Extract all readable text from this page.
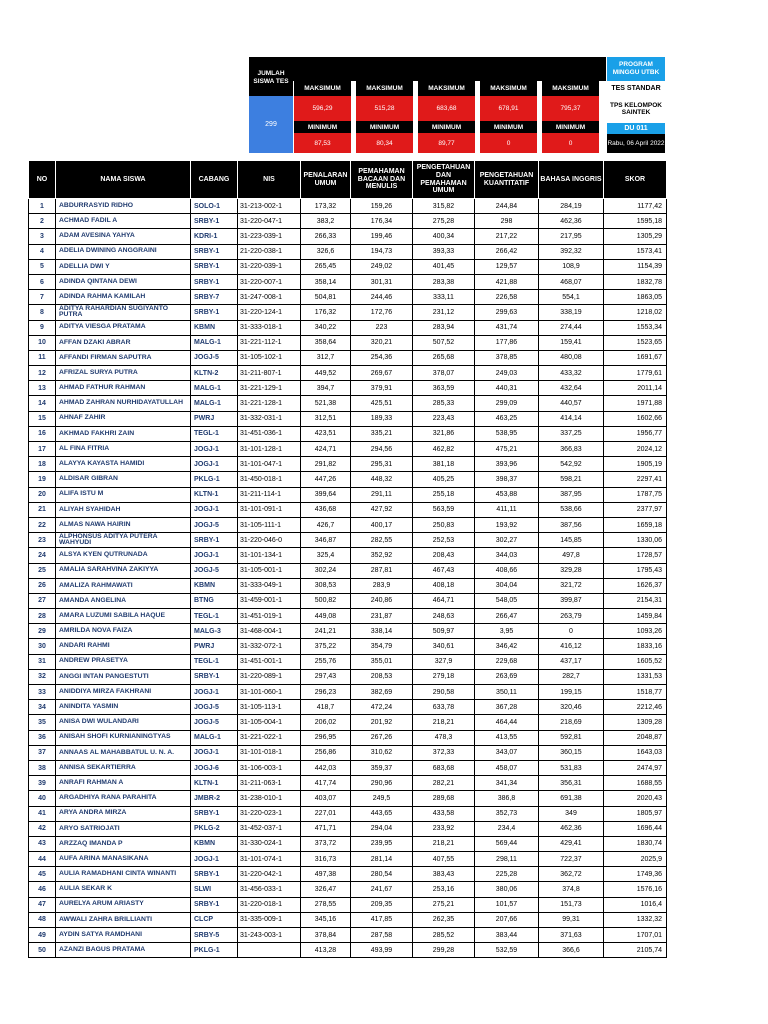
JUMLAH SISWA TES
299
MAKSIMUM
596,29
MINIMUM
87,53
MAKSIMUM
515,28
MINIMUM
80,34
MAKSIMUM
683,68
MINIMUM
89,77
MAKSIMUM
678,91
MINIMUM
0
MAKSIMUM
795,37
MINIMUM
0
PROGRAM MINGGU UTBK
TES STANDAR
TPS KELOMPOK SAINTEK
DU 011
Rabu, 06 April 2022
NO	NAMA SISWA	CABANG	NIS	PENALARAN UMUM	PEMAHAMAN BACAAN DAN MENULIS	PENGETAHUAN DAN PEMAHAMAN UMUM	PENGETAHUAN KUANTITATIF	BAHASA INGGRIS	SKOR
1	ABDURRASYID RIDHO	SOLO-1	31-213-002-1	173,32	159,26	315,82	244,84	284,19	1177,42
2	ACHMAD FADIL A	SRBY-1	31-220-047-1	383,2	176,34	275,28	298	462,36	1595,18
3	ADAM AVESINA YAHYA	KDRI-1	31-223-039-1	266,33	199,46	400,34	217,22	217,95	1305,29
4	ADELIA DWINING ANGGRAINI	SRBY-1	21-220-038-1	326,6	194,73	393,33	266,42	392,32	1573,41
5	ADELLIA DWI Y	SRBY-1	31-220-039-1	265,45	249,02	401,45	129,57	108,9	1154,39
6	ADINDA QINTANA DEWI	SRBY-1	31-220-007-1	358,14	301,31	283,38	421,88	468,07	1832,78
7	ADINDA RAHMA KAMILAH	SRBY-7	31-247-008-1	504,81	244,46	333,11	226,58	554,1	1863,05
8	ADITYA RAHARDIAN SUGIYANTO PUTRA	SRBY-1	31-220-124-1	176,32	172,76	231,12	299,63	338,19	1218,02
9	ADITYA VIESGA PRATAMA	KBMN	31-333-018-1	340,22	223	283,94	431,74	274,44	1553,34
10	AFFAN DZAKI ABRAR	MALG-1	31-221-112-1	358,64	320,21	507,52	177,86	159,41	1523,65
11	AFFANDI FIRMAN SAPUTRA	JOGJ-5	31-105-102-1	312,7	254,36	265,68	378,85	480,08	1691,67
12	AFRIZAL SURYA PUTRA	KLTN-2	31-211-807-1	449,52	269,67	378,07	249,03	433,32	1779,61
13	AHMAD FATHUR RAHMAN	MALG-1	31-221-129-1	394,7	379,91	363,59	440,31	432,64	2011,14
14	AHMAD ZAHRAN NURHIDAYATULLAH	MALG-1	31-221-128-1	521,38	425,51	285,33	299,09	440,57	1971,88
15	AHNAF ZAHIR	PWRJ	31-332-031-1	312,51	189,33	223,43	463,25	414,14	1602,66
16	AKHMAD FAKHRI ZAIN	TEGL-1	31-451-036-1	423,51	335,21	321,86	538,95	337,25	1956,77
17	AL FINA FITRIA	JOGJ-1	31-101-128-1	424,71	294,56	462,82	475,21	366,83	2024,12
18	ALAYYA KAYASTA HAMIDI	JOGJ-1	31-101-047-1	291,82	295,31	381,18	393,96	542,92	1905,19
19	ALDISAR GIBRAN	PKLG-1	31-450-018-1	447,26	448,32	405,25	398,37	598,21	2297,41
20	ALIFA ISTU M	KLTN-1	31-211-114-1	399,64	291,11	255,18	453,88	387,95	1787,75
21	ALIYAH SYAHIDAH	JOGJ-1	31-101-091-1	436,68	427,92	563,59	411,11	538,66	2377,97
22	ALMAS NAWA HAIRIN	JOGJ-5	31-105-111-1	426,7	400,17	250,83	193,92	387,56	1659,18
23	ALPHONSUS ADITYA PUTERA WAHYUDI	SRBY-1	31-220-046-0	346,87	282,55	252,53	302,27	145,85	1330,06
24	ALSYA KYEN QUTRUNADA	JOGJ-1	31-101-134-1	325,4	352,92	208,43	344,03	497,8	1728,57
25	AMALIA SARAHVINA ZAKIYYA	JOGJ-5	31-105-001-1	302,24	287,81	467,43	408,66	329,28	1795,43
26	AMALIZA RAHMAWATI	KBMN	31-333-049-1	308,53	283,9	408,18	304,04	321,72	1626,37
27	AMANDA ANGELINA	BTNG	31-459-001-1	500,82	240,86	464,71	548,05	399,87	2154,31
28	AMARA LUZUMI SABILA HAQUE	TEGL-1	31-451-019-1	449,08	231,87	248,63	266,47	263,79	1459,84
29	AMRILDA NOVA FAIZA	MALG-3	31-468-004-1	241,21	338,14	509,97	3,95	0	1093,26
30	ANDARI RAHMI	PWRJ	31-332-072-1	375,22	354,79	340,61	346,42	416,12	1833,16
31	ANDREW PRASETYA	TEGL-1	31-451-001-1	255,76	355,01	327,9	229,68	437,17	1605,52
32	ANGGI INTAN PANGESTUTI	SRBY-1	31-220-089-1	297,43	208,53	279,18	263,69	282,7	1331,53
33	ANIDDIYA MIRZA FAKHRANI	JOGJ-1	31-101-060-1	296,23	382,69	290,58	350,11	199,15	1518,77
34	ANINDITA YASMIN	JOGJ-5	31-105-113-1	418,7	472,24	633,78	367,28	320,46	2212,46
35	ANISA DWI WULANDARI	JOGJ-5	31-105-004-1	206,02	201,92	218,21	464,44	218,69	1309,28
36	ANISAH SHOFI KURNIANINGTYAS	MALG-1	31-221-022-1	296,95	267,26	478,3	413,55	592,81	2048,87
37	ANNAAS AL MAHABBATUL U. N. A.	JOGJ-1	31-101-018-1	256,86	310,62	372,33	343,07	360,15	1643,03
38	ANNISA SEKARTIERRA	JOGJ-6	31-106-003-1	442,03	359,37	683,68	458,07	531,83	2474,97
39	ANRAFI RAHMAN A	KLTN-1	31-211-063-1	417,74	290,96	282,21	341,34	356,31	1688,55
40	ARGADHIYA RANA PARAHITA	JMBR-2	31-238-010-1	403,07	249,5	289,68	386,8	691,38	2020,43
41	ARYA ANDRA MIRZA	SRBY-1	31-220-023-1	227,01	443,65	433,58	352,73	349	1805,97
42	ARYO SATRIOJATI	PKLG-2	31-452-037-1	471,71	294,04	233,92	234,4	462,36	1696,44
43	ARZZAQ IMANDA P	KBMN	31-330-024-1	373,72	239,95	218,21	569,44	429,41	1830,74
44	AUFA ARINA MANASIKANA	JOGJ-1	31-101-074-1	316,73	281,14	407,55	298,11	722,37	2025,9
45	AULIA RAMADHANI CINTA WINANTI	SRBY-1	31-220-042-1	497,38	280,54	383,43	225,28	362,72	1749,36
46	AULIA SEKAR K	SLWI	31-456-033-1	326,47	241,67	253,16	380,06	374,8	1576,16
47	AURELYA ARUM ARIASTY	SRBY-1	31-220-018-1	278,55	209,35	275,21	101,57	151,73	1016,4
48	AWWALI ZAHRA BRILLIANTI	CLCP	31-335-009-1	345,16	417,85	262,35	207,66	99,31	1332,32
49	AYDIN SATYA RAMDHANI	SRBY-5	31-243-003-1	378,84	287,58	285,52	383,44	371,63	1707,01
50	AZANZI BAGUS PRATAMA	PKLG-1		413,28	493,99	299,28	532,59	366,6	2105,74
